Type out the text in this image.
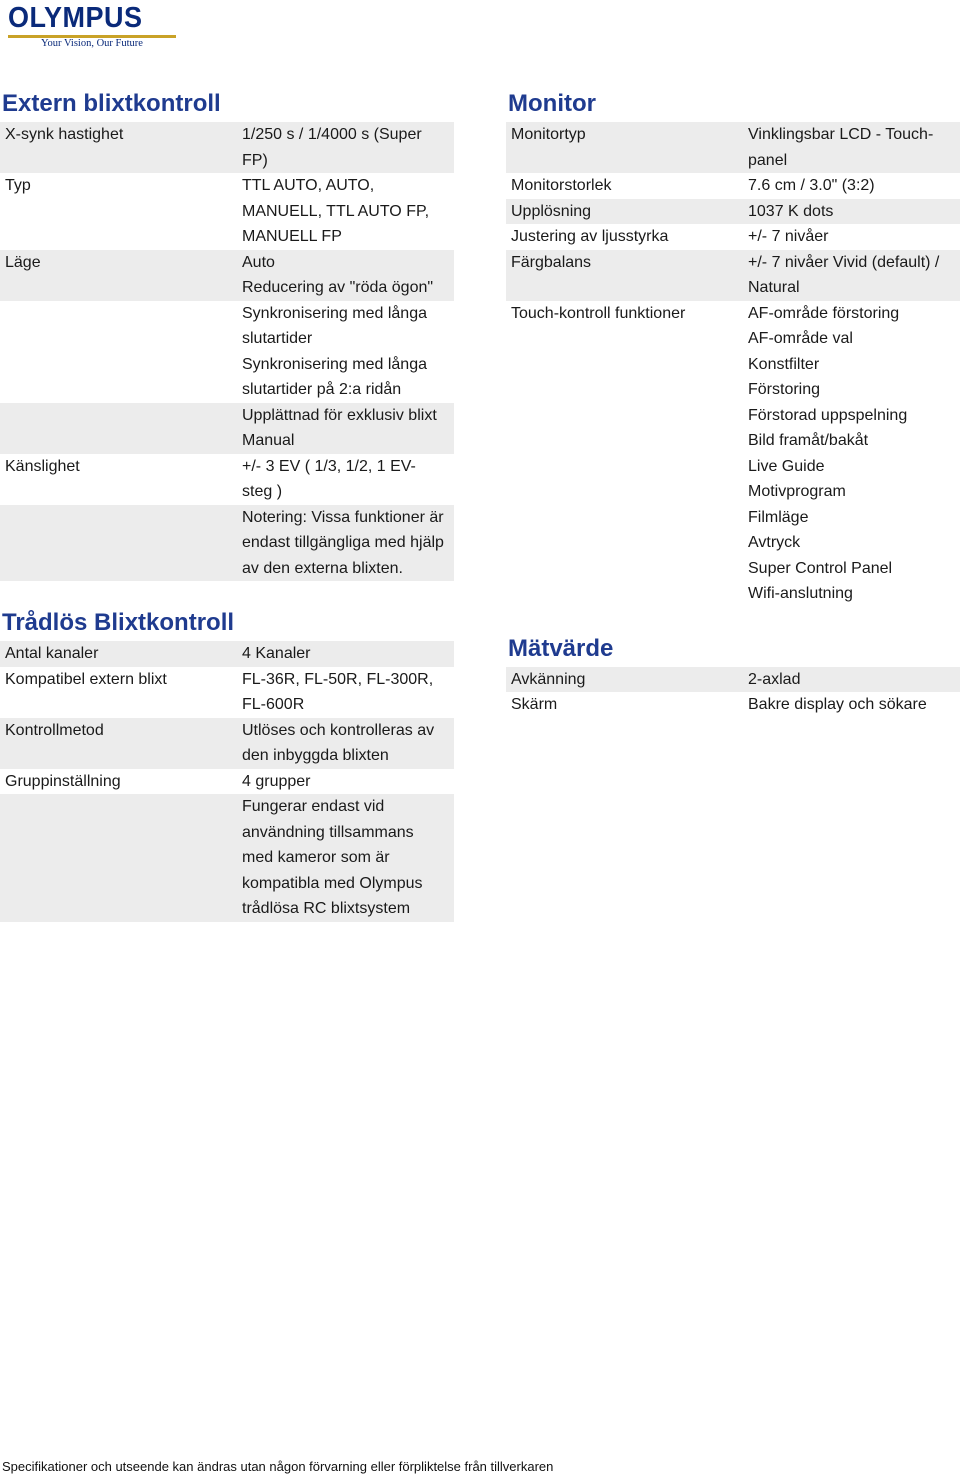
OLYMPUS
Your Vision, Our Future
Extern blixtkontroll
X-synk hastighet	1/250 s / 1/4000 s (Super
FP)
Typ	TTL AUTO, AUTO,
MANUELL, TTL AUTO FP,
MANUELL FP
Läge	Auto
Reducering av "röda ögon"
Synkronisering med långa
slutartider
Synkronisering med långa
slutartider på 2:a ridån
Upplättnad för exklusiv blixt
Manual
Känslighet	+/- 3 EV ( 1/3, 1/2, 1 EV-
steg )
Notering: Vissa funktioner är
endast tillgängliga med hjälp
av den externa blixten.
Trådlös Blixtkontroll
Antal kanaler	4 Kanaler
Kompatibel extern blixt	FL-36R, FL-50R, FL-300R,
FL-600R
Kontrollmetod	Utlöses och kontrolleras av
den inbyggda blixten
Gruppinställning	4 grupper
Fungerar endast vid
användning tillsammans
med kameror som är
kompatibla med Olympus
trådlösa RC blixtsystem
Monitor
Monitortyp	Vinklingsbar LCD - Touch-
panel
Monitorstorlek	7.6 cm / 3.0" (3:2)
Upplösning	1037 K dots
Justering av ljusstyrka	+/- 7 nivåer
Färgbalans	+/- 7 nivåer Vivid (default) /
Natural
Touch-kontroll funktioner	AF-område förstoring
AF-område val
Konstfilter
Förstoring
Förstorad uppspelning
Bild framåt/bakåt
Live Guide
Motivprogram
Filmläge
Avtryck
Super Control Panel
Wifi-anslutning
Mätvärde
Avkänning	2-axlad
Skärm	Bakre display och sökare
Specifikationer och utseende kan ändras utan någon förvarning eller förpliktelse från tillverkaren
